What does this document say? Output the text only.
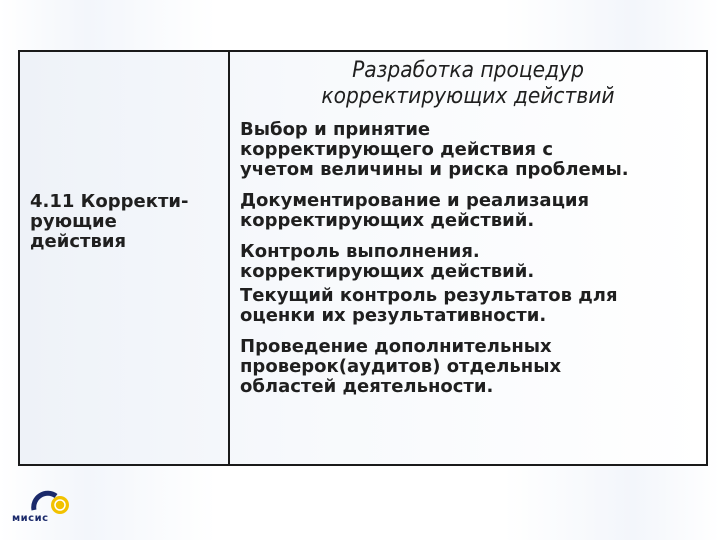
4.11 Корректи-
рующие
действия
Разработка процедур
корректирующих действий
Выбор и принятие
корректирующего действия с
учетом величины и риска проблемы.
Документирование и реализация
корректирующих действий.
Контроль выполнения.
корректирующих действий.
Текущий контроль результатов для
оценки их результативности.
Проведение дополнительных
проверок(аудитов) отдельных
областей деятельности.
мисис
